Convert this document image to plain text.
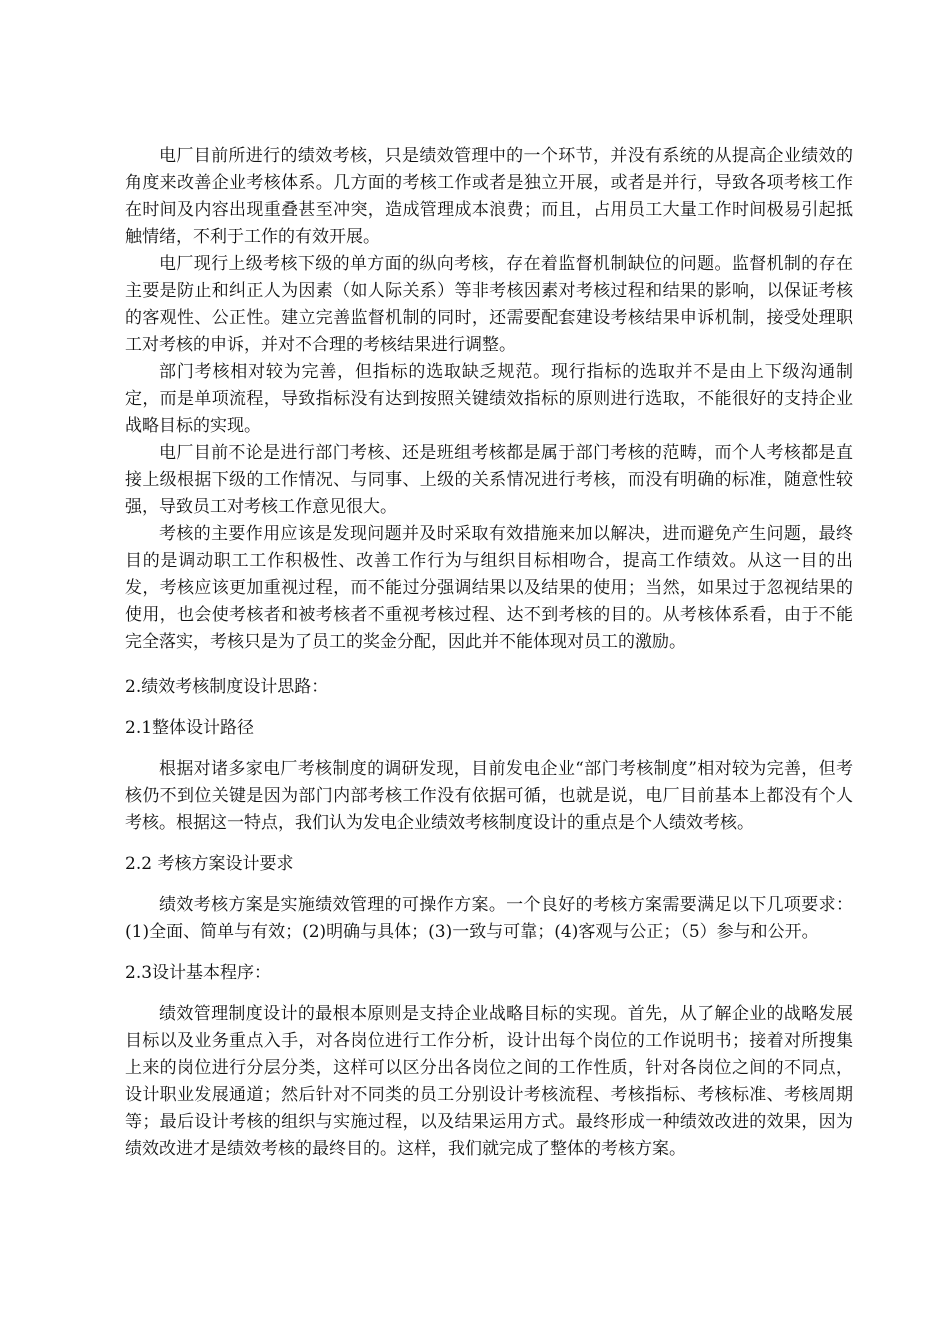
电厂目前所进行的绩效考核，只是绩效管理中的一个环节，并没有系统的从提高企业绩效的角度来改善企业考核体系。几方面的考核工作或者是独立开展，或者是并行，导致各项考核工作在时间及内容出现重叠甚至冲突，造成管理成本浪费；而且，占用员工大量工作时间极易引起抵触情绪，不利于工作的有效开展。

电厂现行上级考核下级的单方面的纵向考核，存在着监督机制缺位的问题。监督机制的存在主要是防止和纠正人为因素（如人际关系）等非考核因素对考核过程和结果的影响，以保证考核的客观性、公正性。建立完善监督机制的同时，还需要配套建设考核结果申诉机制，接受处理职工对考核的申诉，并对不合理的考核结果进行调整。

部门考核相对较为完善，但指标的选取缺乏规范。现行指标的选取并不是由上下级沟通制定，而是单项流程，导致指标没有达到按照关键绩效指标的原则进行选取，不能很好的支持企业战略目标的实现。

电厂目前不论是进行部门考核、还是班组考核都是属于部门考核的范畴，而个人考核都是直接上级根据下级的工作情况、与同事、上级的关系情况进行考核，而没有明确的标准，随意性较强，导致员工对考核工作意见很大。

考核的主要作用应该是发现问题并及时采取有效措施来加以解决，进而避免产生问题，最终目的是调动职工工作积极性、改善工作行为与组织目标相吻合，提高工作绩效。从这一目的出发，考核应该更加重视过程，而不能过分强调结果以及结果的使用；当然，如果过于忽视结果的使用，也会使考核者和被考核者不重视考核过程、达不到考核的目的。从考核体系看，由于不能完全落实，考核只是为了员工的奖金分配，因此并不能体现对员工的激励。

2.绩效考核制度设计思路：

2.1整体设计路径

根据对诸多家电厂考核制度的调研发现，目前发电企业“部门考核制度”相对较为完善，但考核仍不到位关键是因为部门内部考核工作没有依据可循，也就是说，电厂目前基本上都没有个人考核。根据这一特点，我们认为发电企业绩效考核制度设计的重点是个人绩效考核。

2.2 考核方案设计要求

绩效考核方案是实施绩效管理的可操作方案。一个良好的考核方案需要满足以下几项要求：(1)全面、简单与有效；(2)明确与具体；(3)一致与可靠；(4)客观与公正；（5）参与和公开。

2.3设计基本程序：

绩效管理制度设计的最根本原则是支持企业战略目标的实现。首先，从了解企业的战略发展目标以及业务重点入手，对各岗位进行工作分析，设计出每个岗位的工作说明书；接着对所搜集上来的岗位进行分层分类，这样可以区分出各岗位之间的工作性质，针对各岗位之间的不同点，设计职业发展通道；然后针对不同类的员工分别设计考核流程、考核指标、考核标准、考核周期等；最后设计考核的组织与实施过程，以及结果运用方式。最终形成一种绩效改进的效果，因为绩效改进才是绩效考核的最终目的。这样，我们就完成了整体的考核方案。
